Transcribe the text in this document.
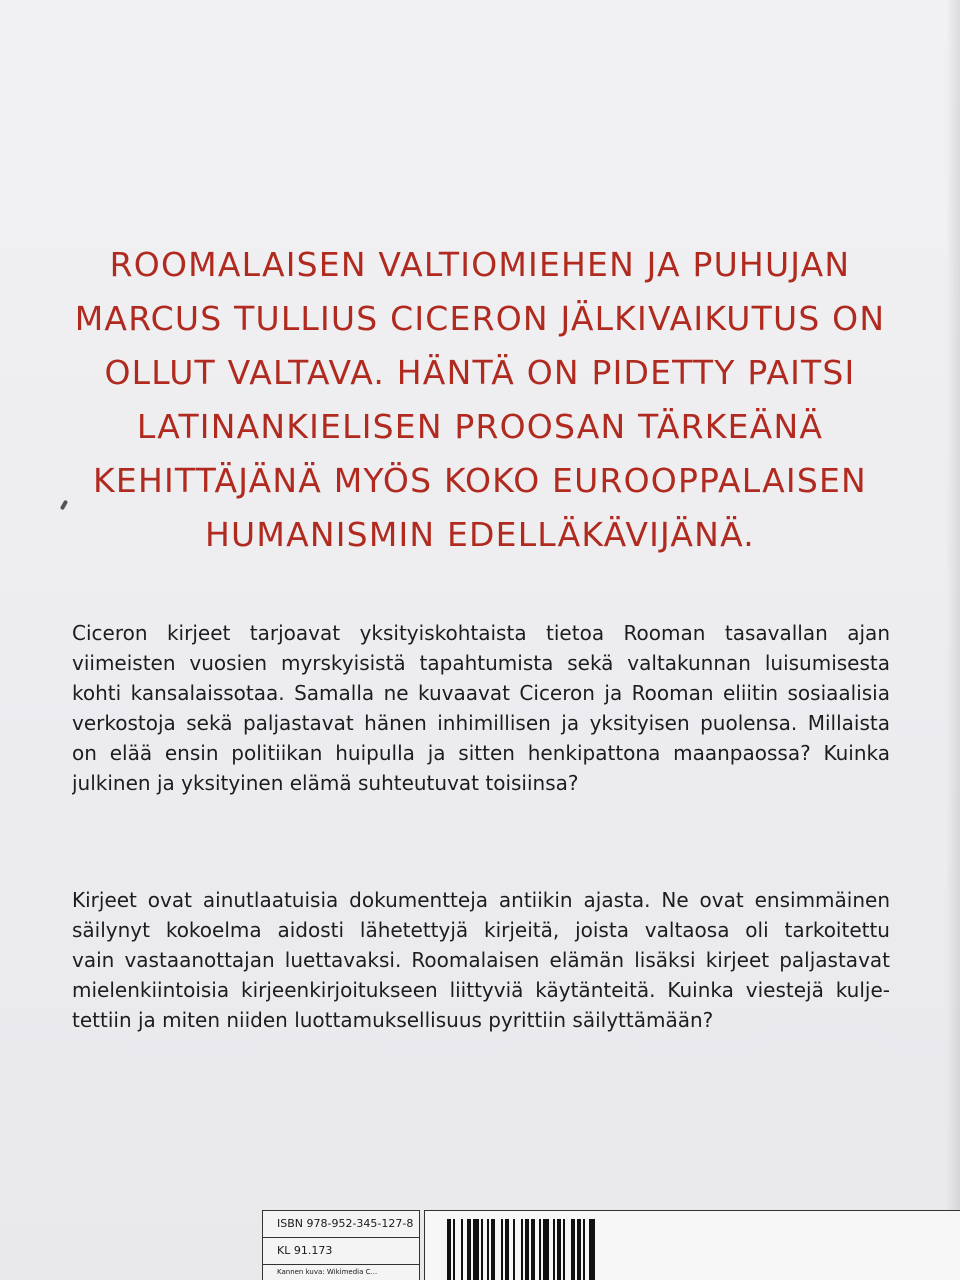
ROOMALAISEN VALTIOMIEHEN JA PUHUJAN
MARCUS TULLIUS CICERON JÄLKIVAIKUTUS ON
OLLUT VALTAVA. HÄNTÄ ON PIDETTY PAITSI
LATINANKIELISEN PROOSAN TÄRKEÄNÄ
KEHITTÄJÄNÄ MYÖS KOKO EUROOPPALAISEN
HUMANISMIN EDELLÄKÄVIJÄNÄ.
Ciceron kirjeet tarjoavat yksityiskohtaista tietoa Rooman tasavallan ajan
viimeisten vuosien myrskyisistä tapahtumista sekä valtakunnan luisumisesta
kohti kansalaissotaa. Samalla ne kuvaavat Ciceron ja Rooman eliitin sosiaalisia
verkostoja sekä paljastavat hänen inhimillisen ja yksityisen puolensa. Millaista
on elää ensin politiikan huipulla ja sitten henkipattona maanpaossa? Kuinka
julkinen ja yksityinen elämä suhteutuvat toisiinsa?
Kirjeet ovat ainutlaatuisia dokumentteja antiikin ajasta. Ne ovat ensimmäinen
säilynyt kokoelma aidosti lähetettyjä kirjeitä, joista valtaosa oli tarkoitettu
vain vastaanottajan luettavaksi. Roomalaisen elämän lisäksi kirjeet paljastavat
mielenkiintoisia kirjeenkirjoitukseen liittyviä käytänteitä. Kuinka viestejä kulje-
tettiin ja miten niiden luottamuksellisuus pyrittiin säilyttämään?
ISBN 978-952-345-127-8
KL 91.173
Kannen kuva: Wikimedia C...
